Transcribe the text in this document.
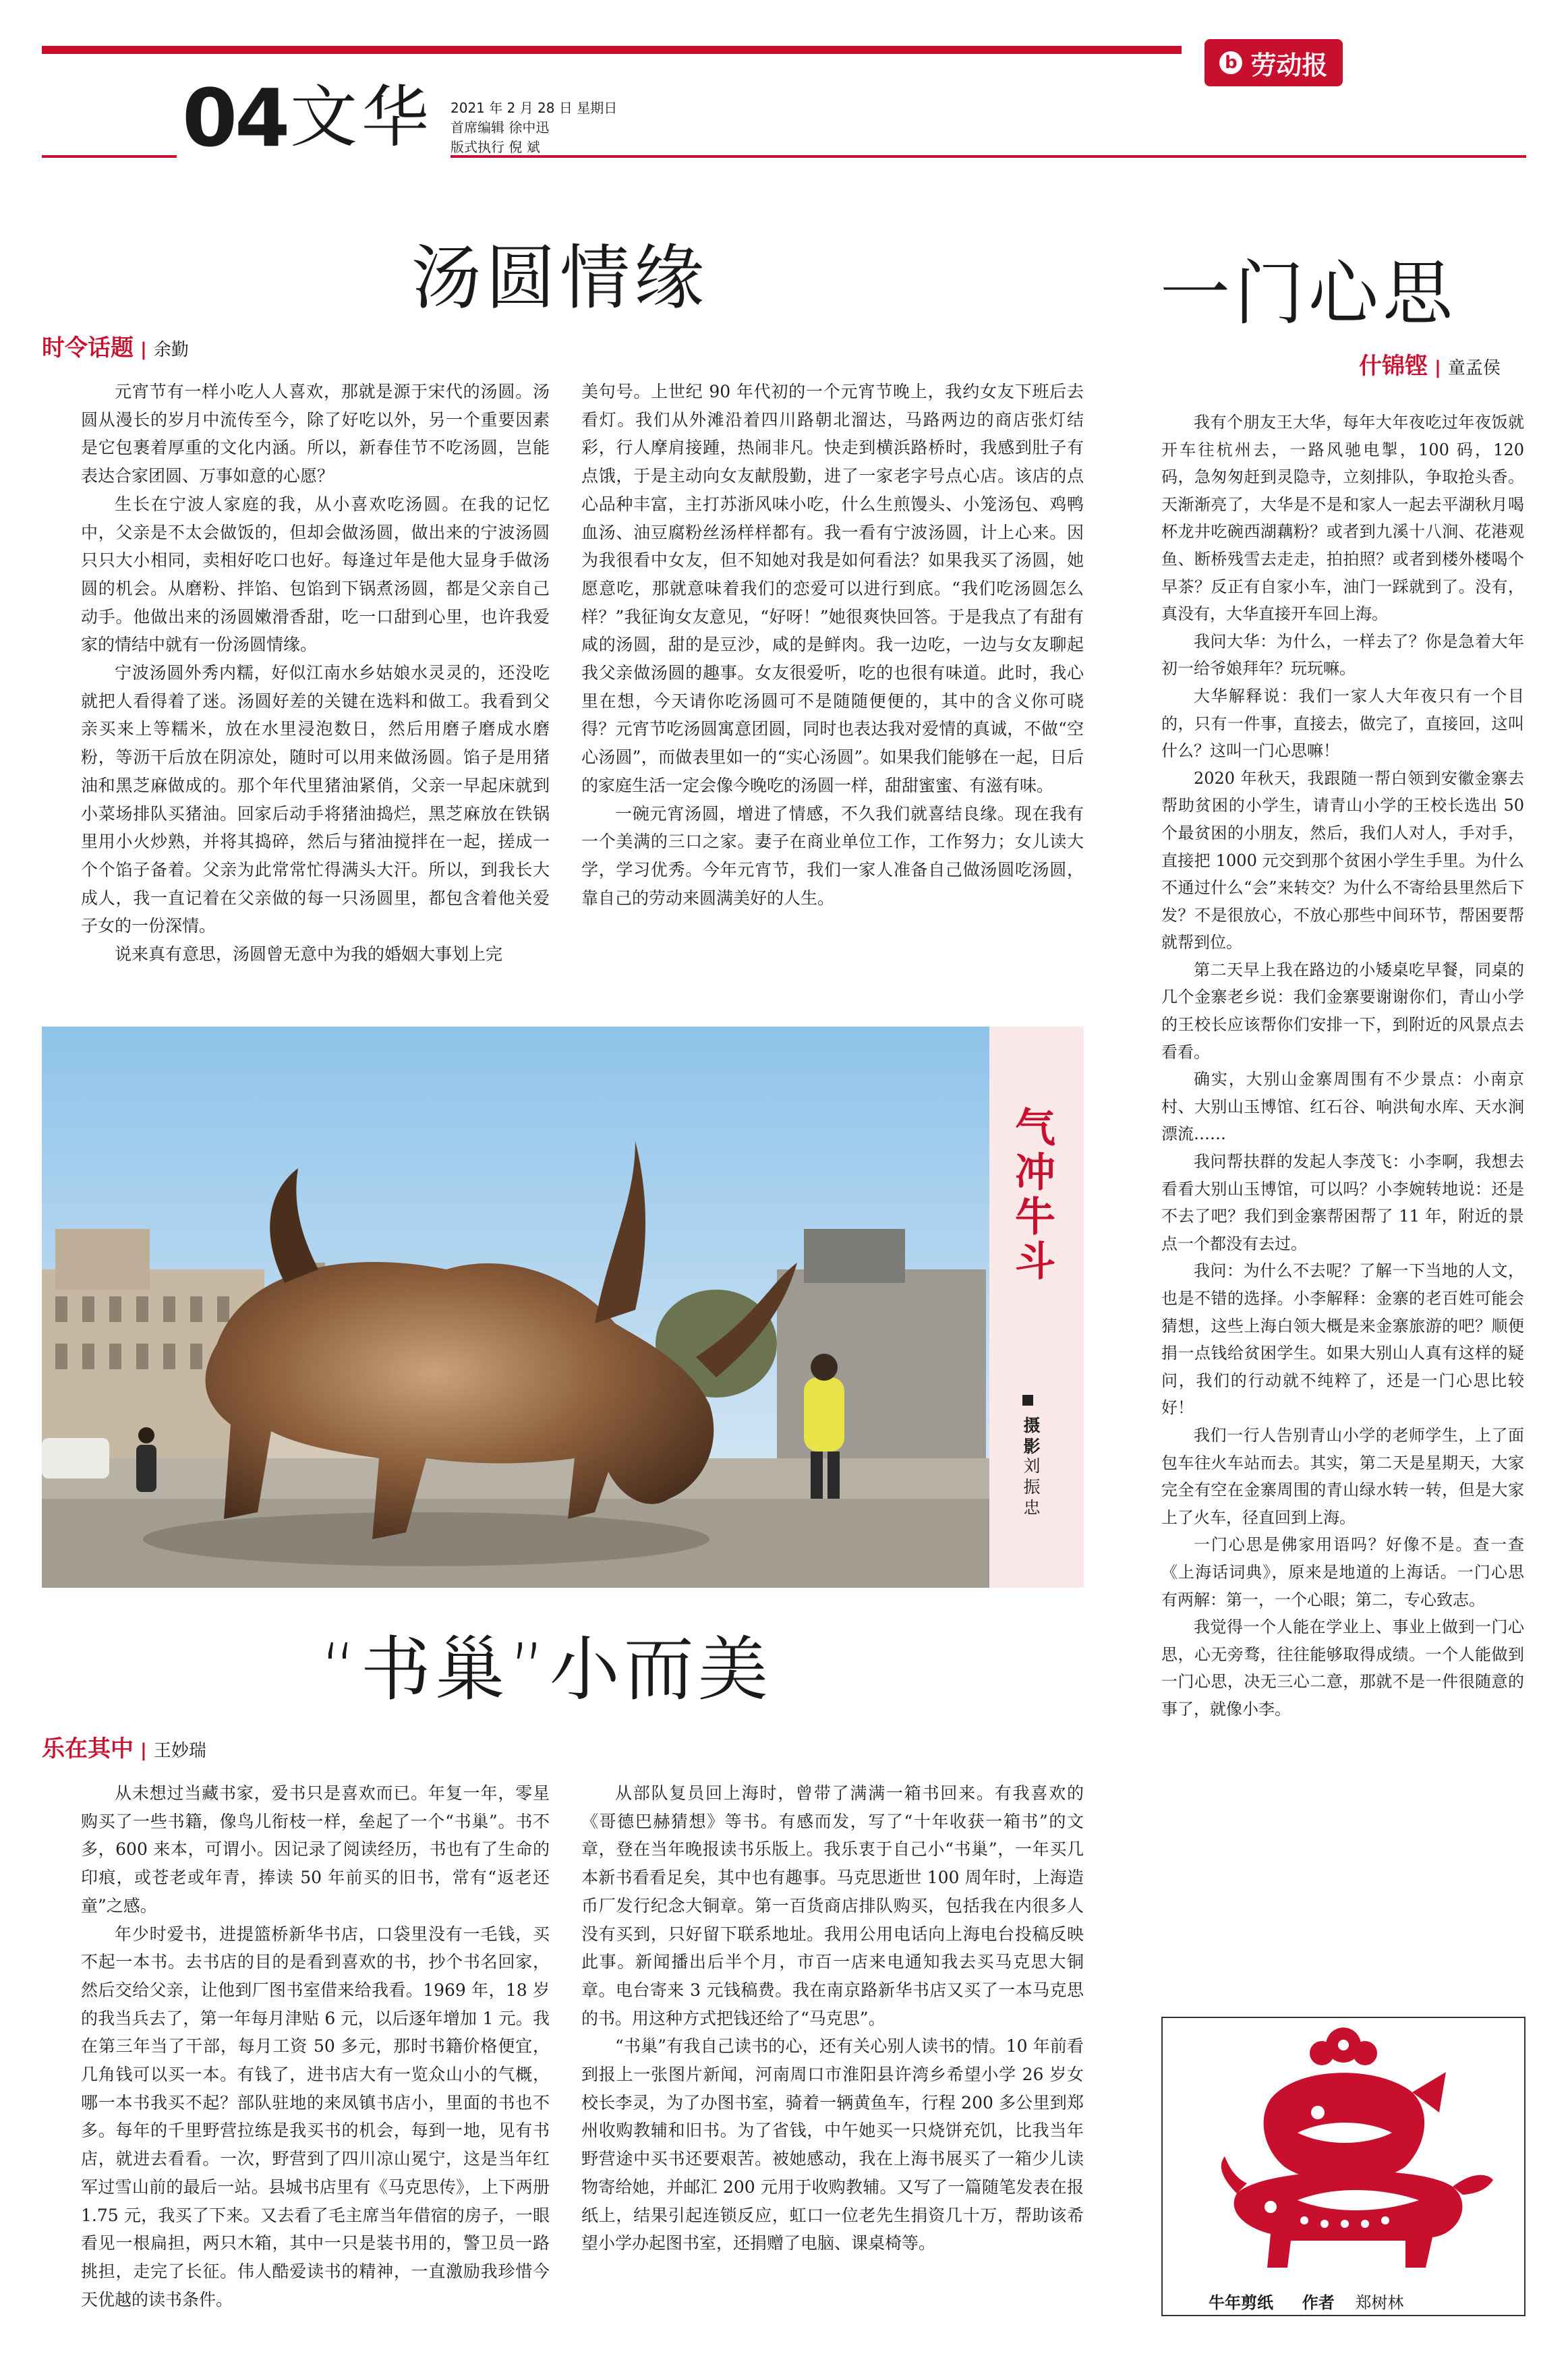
b 劳动报
04 文华 2021 年 2 月 28 日 星期日
首席编辑 徐中迅
版式执行 倪 斌
汤圆情缘
时令话题 | 余勤

元宵节有一样小吃人人喜欢，那就是源于宋代的汤圆。汤圆从漫长的岁月中流传至今，除了好吃以外，另一个重要因素是它包裹着厚重的文化内涵。所以，新春佳节不吃汤圆，岂能表达合家团圆、万事如意的心愿？

生长在宁波人家庭的我，从小喜欢吃汤圆。在我的记忆中，父亲是不太会做饭的，但却会做汤圆，做出来的宁波汤圆只只大小相同，卖相好吃口也好。每逢过年是他大显身手做汤圆的机会。从磨粉、拌馅、包馅到下锅煮汤圆，都是父亲自己动手。他做出来的汤圆嫩滑香甜，吃一口甜到心里，也许我爱家的情结中就有一份汤圆情缘。

宁波汤圆外秀内糯，好似江南水乡姑娘水灵灵的，还没吃就把人看得着了迷。汤圆好差的关键在选料和做工。我看到父亲买来上等糯米，放在水里浸泡数日，然后用磨子磨成水磨粉，等沥干后放在阴凉处，随时可以用来做汤圆。馅子是用猪油和黑芝麻做成的。那个年代里猪油紧俏，父亲一早起床就到小菜场排队买猪油。回家后动手将猪油捣烂，黑芝麻放在铁锅里用小火炒熟，并将其捣碎，然后与猪油搅拌在一起，搓成一个个馅子备着。父亲为此常常忙得满头大汗。所以，到我长大成人，我一直记着在父亲做的每一只汤圆里，都包含着他关爱子女的一份深情。

说来真有意思，汤圆曾无意中为我的婚姻大事划上完

美句号。上世纪 90 年代初的一个元宵节晚上，我约女友下班后去看灯。我们从外滩沿着四川路朝北溜达，马路两边的商店张灯结彩，行人摩肩接踵，热闹非凡。快走到横浜路桥时，我感到肚子有点饿，于是主动向女友献殷勤，进了一家老字号点心店。该店的点心品种丰富，主打苏浙风味小吃，什么生煎馒头、小笼汤包、鸡鸭血汤、油豆腐粉丝汤样样都有。我一看有宁波汤圆，计上心来。因为我很看中女友，但不知她对我是如何看法？如果我买了汤圆，她愿意吃，那就意味着我们的恋爱可以进行到底。“我们吃汤圆怎么样？”我征询女友意见，“好呀！”她很爽快回答。于是我点了有甜有咸的汤圆，甜的是豆沙，咸的是鲜肉。我一边吃，一边与女友聊起我父亲做汤圆的趣事。女友很爱听，吃的也很有味道。此时，我心里在想，今天请你吃汤圆可不是随随便便的，其中的含义你可晓得？元宵节吃汤圆寓意团圆，同时也表达我对爱情的真诚，不做“空心汤圆”，而做表里如一的“实心汤圆”。如果我们能够在一起，日后的家庭生活一定会像今晚吃的汤圆一样，甜甜蜜蜜、有滋有味。

一碗元宵汤圆，增进了情感，不久我们就喜结良缘。现在我有一个美满的三口之家。妻子在商业单位工作，工作努力；女儿读大学，学习优秀。今年元宵节，我们一家人准备自己做汤圆吃汤圆，靠自己的劳动来圆满美好的人生。

气冲牛斗
摄影
刘振忠
“书巢”小而美
乐在其中 | 王妙瑞

从未想过当藏书家，爱书只是喜欢而已。年复一年，零星购买了一些书籍，像鸟儿衔枝一样，垒起了一个“书巢”。书不多，600 来本，可谓小。因记录了阅读经历，书也有了生命的印痕，或苍老或年青，捧读 50 年前买的旧书，常有“返老还童”之感。

年少时爱书，进提篮桥新华书店，口袋里没有一毛钱，买不起一本书。去书店的目的是看到喜欢的书，抄个书名回家，然后交给父亲，让他到厂图书室借来给我看。1969 年，18 岁的我当兵去了，第一年每月津贴 6 元，以后逐年增加 1 元。我在第三年当了干部，每月工资 50 多元，那时书籍价格便宜，几角钱可以买一本。有钱了，进书店大有一览众山小的气概，哪一本书我买不起？部队驻地的来凤镇书店小，里面的书也不多。每年的千里野营拉练是我买书的机会，每到一地，见有书店，就进去看看。一次，野营到了四川凉山冕宁，这是当年红军过雪山前的最后一站。县城书店里有《马克思传》，上下两册 1.75 元，我买了下来。又去看了毛主席当年借宿的房子，一眼看见一根扁担，两只木箱，其中一只是装书用的，警卫员一路挑担，走完了长征。伟人酷爱读书的精神，一直激励我珍惜今天优越的读书条件。

从部队复员回上海时，曾带了满满一箱书回来。有我喜欢的《哥德巴赫猜想》等书。有感而发，写了“十年收获一箱书”的文章，登在当年晚报读书乐版上。我乐衷于自己小“书巢”，一年买几本新书看看足矣，其中也有趣事。马克思逝世 100 周年时，上海造币厂发行纪念大铜章。第一百货商店排队购买，包括我在内很多人没有买到，只好留下联系地址。我用公用电话向上海电台投稿反映此事。新闻播出后半个月，市百一店来电通知我去买马克思大铜章。电台寄来 3 元钱稿费。我在南京路新华书店又买了一本马克思的书。用这种方式把钱还给了“马克思”。

“书巢”有我自己读书的心，还有关心别人读书的情。10 年前看到报上一张图片新闻，河南周口市淮阳县许湾乡希望小学 26 岁女校长李灵，为了办图书室，骑着一辆黄鱼车，行程 200 多公里到郑州收购教辅和旧书。为了省钱，中午她买一只烧饼充饥，比我当年野营途中买书还要艰苦。被她感动，我在上海书展买了一箱少儿读物寄给她，并邮汇 200 元用于收购教辅。又写了一篇随笔发表在报纸上，结果引起连锁反应，虹口一位老先生捐资几十万，帮助该希望小学办起图书室，还捐赠了电脑、课桌椅等。

一门心思
什锦铿 | 童孟侯

我有个朋友王大华，每年大年夜吃过年夜饭就开车往杭州去，一路风驰电掣，100 码，120 码，急匆匆赶到灵隐寺，立刻排队，争取抢头香。天渐渐亮了，大华是不是和家人一起去平湖秋月喝杯龙井吃碗西湖藕粉？或者到九溪十八涧、花港观鱼、断桥残雪去走走，拍拍照？或者到楼外楼喝个早茶？反正有自家小车，油门一踩就到了。没有，真没有，大华直接开车回上海。

我问大华：为什么，一样去了？你是急着大年初一给爷娘拜年？玩玩嘛。

大华解释说：我们一家人大年夜只有一个目的，只有一件事，直接去，做完了，直接回，这叫什么？这叫一门心思嘛！

2020 年秋天，我跟随一帮白领到安徽金寨去帮助贫困的小学生，请青山小学的王校长选出 50 个最贫困的小朋友，然后，我们人对人，手对手，直接把 1000 元交到那个贫困小学生手里。为什么不通过什么“会”来转交？为什么不寄给县里然后下发？不是很放心，不放心那些中间环节，帮困要帮就帮到位。

第二天早上我在路边的小矮桌吃早餐，同桌的几个金寨老乡说：我们金寨要谢谢你们，青山小学的王校长应该帮你们安排一下，到附近的风景点去看看。

确实，大别山金寨周围有不少景点：小南京村、大别山玉博馆、红石谷、响洪甸水库、天水涧漂流……

我问帮扶群的发起人李茂飞：小李啊，我想去看看大别山玉博馆，可以吗？小李婉转地说：还是不去了吧？我们到金寨帮困帮了 11 年，附近的景点一个都没有去过。

我问：为什么不去呢？了解一下当地的人文，也是不错的选择。小李解释：金寨的老百姓可能会猜想，这些上海白领大概是来金寨旅游的吧？顺便捐一点钱给贫困学生。如果大别山人真有这样的疑问，我们的行动就不纯粹了，还是一门心思比较好！

我们一行人告别青山小学的老师学生，上了面包车往火车站而去。其实，第二天是星期天，大家完全有空在金寨周围的青山绿水转一转，但是大家上了火车，径直回到上海。

一门心思是佛家用语吗？好像不是。查一查《上海话词典》，原来是地道的上海话。一门心思有两解：第一，一个心眼；第二，专心致志。

我觉得一个人能在学业上、事业上做到一门心思，心无旁骛，往往能够取得成绩。一个人能做到一门心思，决无三心二意，那就不是一件很随意的事了，就像小李。

牛年剪纸 作者 郑树林
